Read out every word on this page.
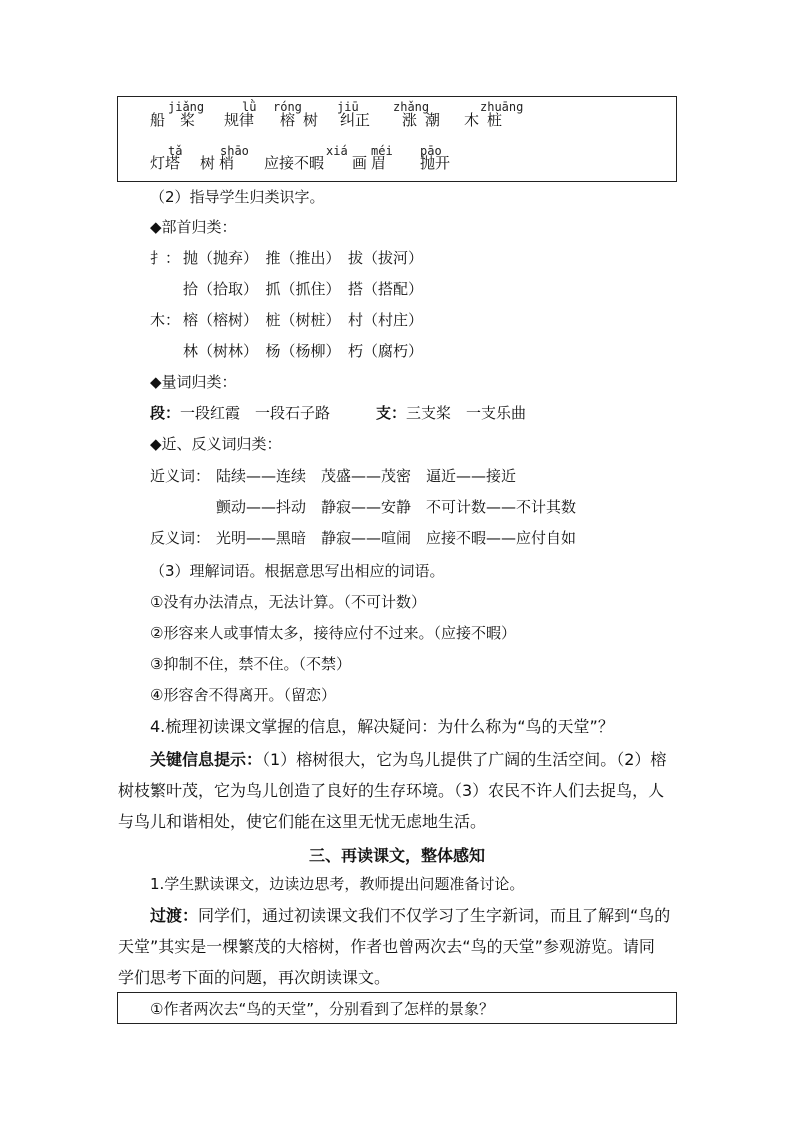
jiǎng	lǜ róng	jiū	zhǎng	zhuāng
船 桨 规律 榕树 纠正 涨潮 木桩
tǎ	shāo	xiá méi pāo
灯塔 树梢 应接不暇 画眉 抛开
（2）指导学生归类识字。
◆部首归类：
扌： 抛（抛弃）　推（推出）　拔（拔河）
拾（拾取）　抓（抓住）　搭（搭配）
木： 榕（榕树）　桩（树桩）　村（村庄）
林（树林）　杨（杨柳）　朽（腐朽）
◆量词归类：
段：一段红霞　一段石子路	支：三支桨　一支乐曲
◆近、反义词归类：
近义词： 陆续——连续　茂盛——茂密　逼近——接近
颤动——抖动　静寂——安静　不可计数——不计其数
反义词： 光明——黑暗　静寂——喧闹　应接不暇——应付自如
（3）理解词语。根据意思写出相应的词语。
①没有办法清点，无法计算。（不可计数）
②形容来人或事情太多，接待应付不过来。（应接不暇）
③抑制不住，禁不住。（不禁）
④形容舍不得离开。（留恋）
4.梳理初读课文掌握的信息，解决疑问：为什么称为“鸟的天堂”？
关键信息提示：（1）榕树很大，它为鸟儿提供了广阔的生活空间。（2）榕
树枝繁叶茂，它为鸟儿创造了良好的生存环境。（3）农民不许人们去捉鸟，人
与鸟儿和谐相处，使它们能在这里无忧无虑地生活。
三、再读课文，整体感知
1.学生默读课文，边读边思考，教师提出问题准备讨论。
过渡：同学们，通过初读课文我们不仅学习了生字新词，而且了解到“鸟的
天堂”其实是一棵繁茂的大榕树，作者也曾两次去“鸟的天堂”参观游览。请同
学们思考下面的问题，再次朗读课文。
①作者两次去“鸟的天堂”，分别看到了怎样的景象？
